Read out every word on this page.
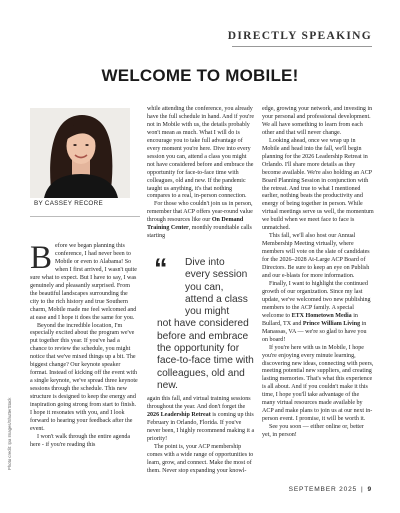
DIRECTLY SPEAKING
WELCOME TO MOBILE!
BY CASSEY RECORE
Photo credit: Ipa Images/ShutterStock

Before we began planning this conference, I had never been to Mobile or even to Alabama! So when I first arrived, I wasn't quite sure what to expect. But I have to say, I was genuinely and pleasantly surprised. From the beautiful landscapes surrounding the city to the rich history and true Southern charm, Mobile made me feel welcomed and at ease and I hope it does the same for you.

Beyond the incredible location, I'm especially excited about the program we've put together this year. If you've had a chance to review the schedule, you might notice that we've mixed things up a bit. The biggest change? Our keynote speaker format. Instead of kicking off the event with a single keynote, we've spread three keynote sessions through the schedule. This new structure is designed to keep the energy and inspiration going strong from start to finish. I hope it resonates with you, and I look forward to hearing your feedback after the event.

I won't walk through the entire agenda here - if you're reading this

while attending the conference, you already have the full schedule in hand. And if you're not in Mobile with us, the details probably won't mean as much. What I will do is encourage you to take full advantage of every moment you're here. Dive into every session you can, attend a class you might not have considered before and embrace the opportunity for face-to-face time with colleagues, old and new. If the pandemic taught us anything, it's that nothing compares to a real, in-person connection.

For those who couldn't join us in person, remember that ACP offers year-round value through resources like our On Demand Training Center, monthly roundtable calls starting

“	Dive into
every session
you can,
attend a class
you might
not have considered before and embrace the opportunity for face-to-face time with colleagues, old and new.

again this fall, and virtual training sessions throughout the year. And don't forget the 2026 Leadership Retreat is coming up this February in Orlando, Florida. If you've never been, I highly recommend making it a priority!

The point is, your ACP membership comes with a wide range of opportunities to learn, grow, and connect. Make the most of them. Never stop expanding your knowl-

edge, growing your network, and investing in your personal and professional development. We all have something to learn from each other and that will never change.

Looking ahead, once we wrap up in Mobile and head into the fall, we'll begin planning for the 2026 Leadership Retreat in Orlando. I'll share more details as they become available. We're also holding an ACP Board Planning Session in conjunction with the retreat. And true to what I mentioned earlier, nothing beats the productivity and energy of being together in person. While virtual meetings serve us well, the momentum we build when we meet face to face is unmatched.

This fall, we'll also host our Annual Membership Meeting virtually, where members will vote on the slate of candidates for the 2026–2028 At-Large ACP Board of Directors. Be sure to keep an eye on Publish and our e-blasts for more information.

Finally, I want to highlight the continued growth of our organization. Since my last update, we've welcomed two new publishing members to the ACP family. A special welcome to ETX Hometown Media in Bullard, TX and Prince William Living in Manassas, VA — we're so glad to have you on board!

If you're here with us in Mobile, I hope you're enjoying every minute learning, discovering new ideas, connecting with peers, meeting potential new suppliers, and creating lasting memories. That's what this experience is all about. And if you couldn't make it this time, I hope you'll take advantage of the many virtual resources made available by ACP and make plans to join us at our next in-person event. I promise, it will be worth it.

See you soon — either online or, better yet, in person!

SEPTEMBER 2025 | 9
